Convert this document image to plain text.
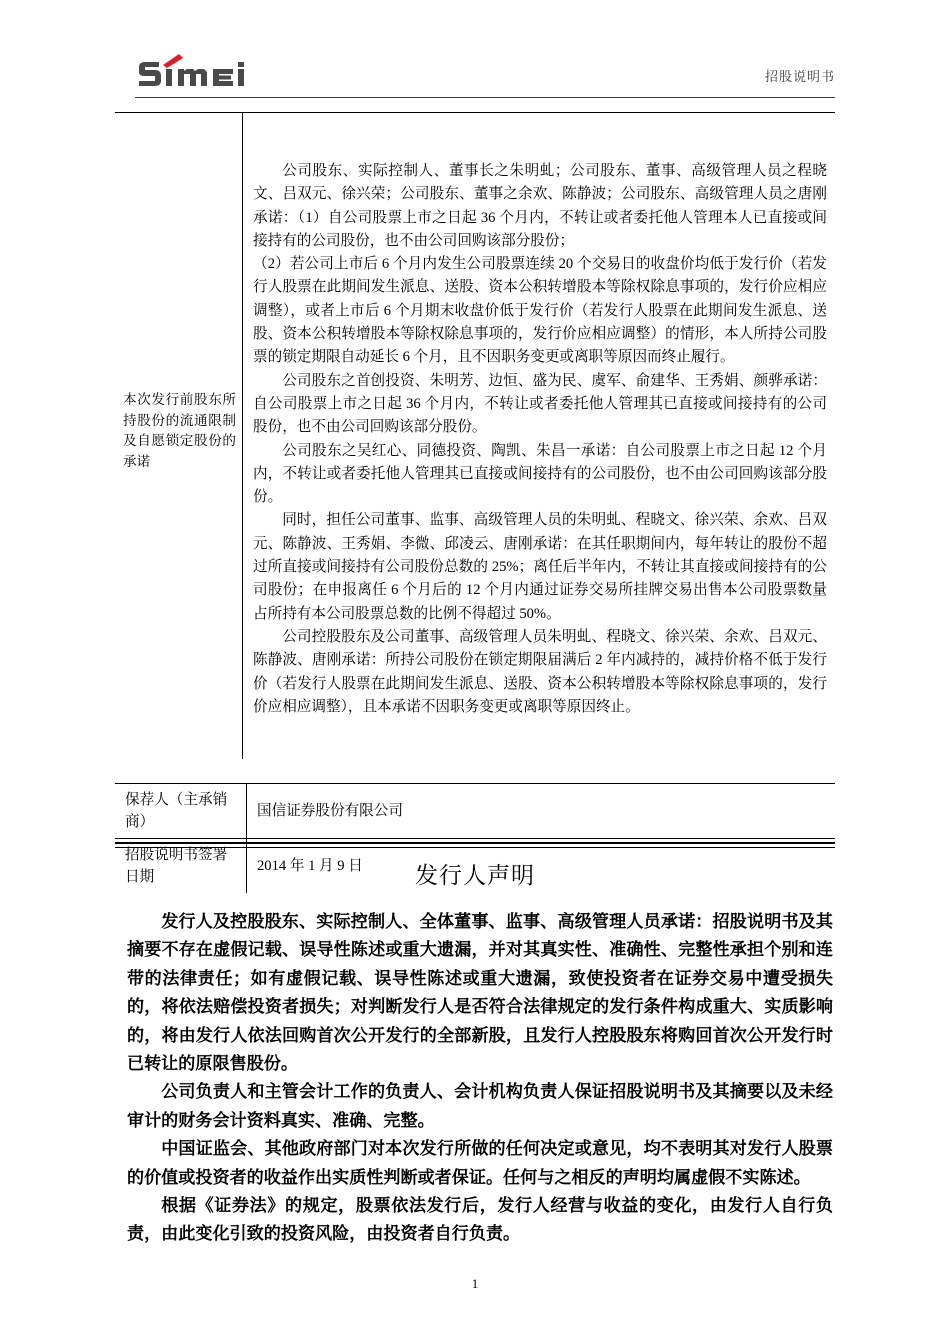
招股说明书
本次发行前股东所持股份的流通限制及自愿锁定股份的承诺

公司股东、实际控制人、董事长之朱明虬；公司股东、董事、高级管理人员之程晓文、吕双元、徐兴荣；公司股东、董事之余欢、陈静波；公司股东、高级管理人员之唐刚承诺：（1）自公司股票上市之日起 36 个月内，不转让或者委托他人管理本人已直接或间接持有的公司股份，也不由公司回购该部分股份；

（2）若公司上市后 6 个月内发生公司股票连续 20 个交易日的收盘价均低于发行价（若发行人股票在此期间发生派息、送股、资本公积转增股本等除权除息事项的，发行价应相应调整），或者上市后 6 个月期末收盘价低于发行价（若发行人股票在此期间发生派息、送股、资本公积转增股本等除权除息事项的，发行价应相应调整）的情形，本人所持公司股票的锁定期限自动延长 6 个月，且不因职务变更或离职等原因而终止履行。

公司股东之首创投资、朱明芳、边恒、盛为民、虞军、俞建华、王秀娟、颜骅承诺：自公司股票上市之日起 36 个月内，不转让或者委托他人管理其已直接或间接持有的公司股份，也不由公司回购该部分股份。

公司股东之吴红心、同德投资、陶凯、朱昌一承诺：自公司股票上市之日起 12 个月内，不转让或者委托他人管理其已直接或间接持有的公司股份，也不由公司回购该部分股份。

同时，担任公司董事、监事、高级管理人员的朱明虬、程晓文、徐兴荣、余欢、吕双元、陈静波、王秀娟、李微、邱凌云、唐刚承诺：在其任职期间内，每年转让的股份不超过所直接或间接持有公司股份总数的 25%；离任后半年内，不转让其直接或间接持有的公司股份；在申报离任 6 个月后的 12 个月内通过证券交易所挂牌交易出售本公司股票数量占所持有本公司股票总数的比例不得超过 50%。

公司控股股东及公司董事、高级管理人员朱明虬、程晓文、徐兴荣、余欢、吕双元、陈静波、唐刚承诺：所持公司股份在锁定期限届满后 2 年内减持的，减持价格不低于发行价（若发行人股票在此期间发生派息、送股、资本公积转增股本等除权除息事项的，发行价应相应调整），且本承诺不因职务变更或离职等原因终止。

保荐人（主承销商）	国信证券股份有限公司
招股说明书签署日期	2014 年 1 月 9 日	发行人声明

发行人及控股股东、实际控制人、全体董事、监事、高级管理人员承诺：招股说明书及其摘要不存在虚假记载、误导性陈述或重大遗漏，并对其真实性、准确性、完整性承担个别和连带的法律责任；如有虚假记载、误导性陈述或重大遗漏，致使投资者在证券交易中遭受损失的，将依法赔偿投资者损失；对判断发行人是否符合法律规定的发行条件构成重大、实质影响的，将由发行人依法回购首次公开发行的全部新股，且发行人控股股东将购回首次公开发行时已转让的原限售股份。

公司负责人和主管会计工作的负责人、会计机构负责人保证招股说明书及其摘要以及未经审计的财务会计资料真实、准确、完整。

中国证监会、其他政府部门对本次发行所做的任何决定或意见，均不表明其对发行人股票的价值或投资者的收益作出实质性判断或者保证。任何与之相反的声明均属虚假不实陈述。

根据《证券法》的规定，股票依法发行后，发行人经营与收益的变化，由发行人自行负责，由此变化引致的投资风险，由投资者自行负责。

1
